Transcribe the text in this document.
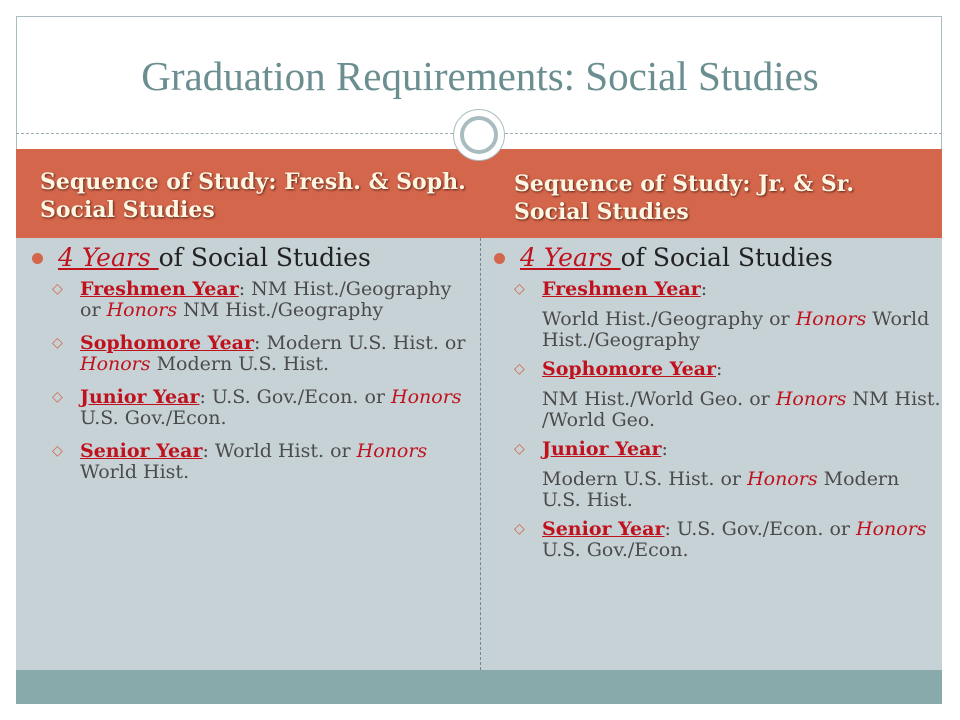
Graduation Requirements: Social Studies
Sequence of Study: Fresh. & Soph. Social Studies
Sequence of Study: Jr. & Sr. Social Studies
4 Years of Social Studies
◇ Freshmen Year: NM Hist./Geography or Honors NM Hist./Geography
◇ Sophomore Year: Modern U.S. Hist. or Honors Modern U.S. Hist.
◇ Junior Year: U.S. Gov./Econ. or Honors U.S. Gov./Econ.
◇ Senior Year: World Hist. or Honors World Hist.
4 Years of Social Studies
◇ Freshmen Year:
World Hist./Geography or Honors World Hist./Geography
◇ Sophomore Year:
NM Hist./World Geo. or Honors NM Hist. /World Geo.
◇ Junior Year:
Modern U.S. Hist. or Honors Modern U.S. Hist.
◇ Senior Year: U.S. Gov./Econ. or Honors U.S. Gov./Econ.
